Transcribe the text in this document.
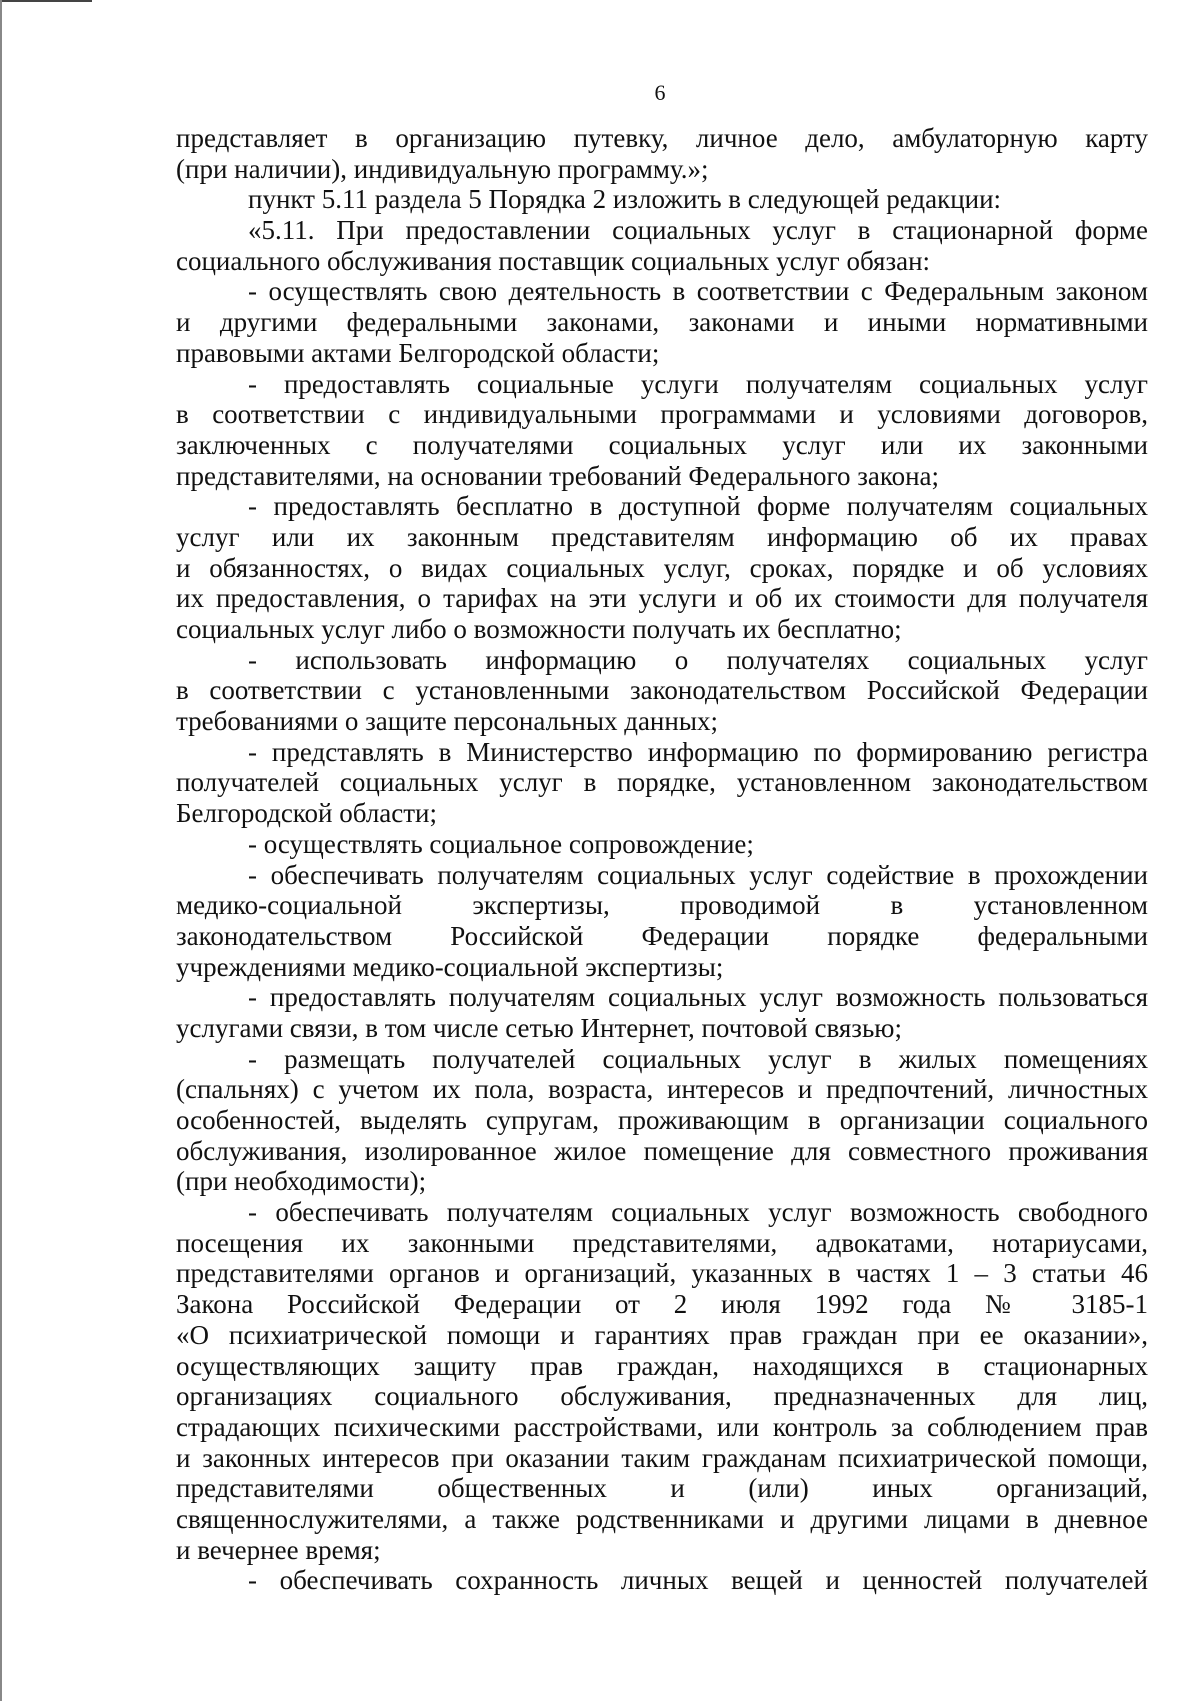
6
представляет в организацию путевку, личное дело, амбулаторную карту
(при наличии), индивидуальную программу.»;
пункт 5.11 раздела 5 Порядка 2 изложить в следующей редакции:
«5.11. При предоставлении социальных услуг в стационарной форме
социального обслуживания поставщик социальных услуг обязан:
- осуществлять свою деятельность в соответствии с Федеральным законом
и другими федеральными законами, законами и иными нормативными
правовыми актами Белгородской области;
- предоставлять социальные услуги получателям социальных услуг
в соответствии с индивидуальными программами и условиями договоров,
заключенных с получателями социальных услуг или их законными
представителями, на основании требований Федерального закона;
- предоставлять бесплатно в доступной форме получателям социальных
услуг или их законным представителям информацию об их правах
и обязанностях, о видах социальных услуг, сроках, порядке и об условиях
их предоставления, о тарифах на эти услуги и об их стоимости для получателя
социальных услуг либо о возможности получать их бесплатно;
- использовать информацию о получателях социальных услуг
в соответствии с установленными законодательством Российской Федерации
требованиями о защите персональных данных;
- представлять в Министерство информацию по формированию регистра
получателей социальных услуг в порядке, установленном законодательством
Белгородской области;
- осуществлять социальное сопровождение;
- обеспечивать получателям социальных услуг содействие в прохождении
медико-социальной экспертизы, проводимой в установленном
законодательством Российской Федерации порядке федеральными
учреждениями медико-социальной экспертизы;
- предоставлять получателям социальных услуг возможность пользоваться
услугами связи, в том числе сетью Интернет, почтовой связью;
- размещать получателей социальных услуг в жилых помещениях
(спальнях) с учетом их пола, возраста, интересов и предпочтений, личностных
особенностей, выделять супругам, проживающим в организации социального
обслуживания, изолированное жилое помещение для совместного проживания
(при необходимости);
- обеспечивать получателям социальных услуг возможность свободного
посещения их законными представителями, адвокатами, нотариусами,
представителями органов и организаций, указанных в частях 1 – 3 статьи 46
Закона Российской Федерации от 2 июля 1992 года № 3185-1
«О психиатрической помощи и гарантиях прав граждан при ее оказании»,
осуществляющих защиту прав граждан, находящихся в стационарных
организациях социального обслуживания, предназначенных для лиц,
страдающих психическими расстройствами, или контроль за соблюдением прав
и законных интересов при оказании таким гражданам психиатрической помощи,
представителями общественных и (или) иных организаций,
священнослужителями, а также родственниками и другими лицами в дневное
и вечернее время;
- обеспечивать сохранность личных вещей и ценностей получателей
